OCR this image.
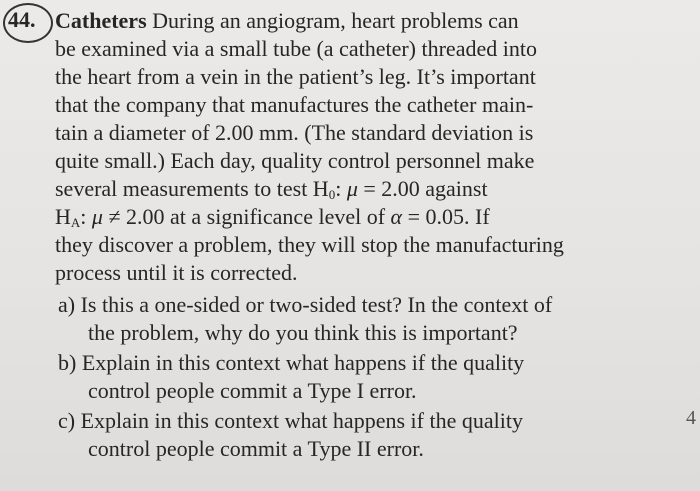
44. Catheters During an angiogram, heart problems can
be examined via a small tube (a catheter) threaded into
the heart from a vein in the patient’s leg. It’s important
that the company that manufactures the catheter main-
tain a diameter of 2.00 mm. (The standard deviation is
quite small.) Each day, quality control personnel make
several measurements to test $H_0$: μ = 2.00 against
$H_A$: μ ≠ 2.00 at a significance level of α = 0.05. If
they discover a problem, they will stop the manufacturing
process until it is corrected.
a) Is this a one-sided or two-sided test? In the context of
the problem, why do you think this is important?
b) Explain in this context what happens if the quality
control people commit a Type I error.
c) Explain in this context what happens if the quality
control people commit a Type II error.
4
